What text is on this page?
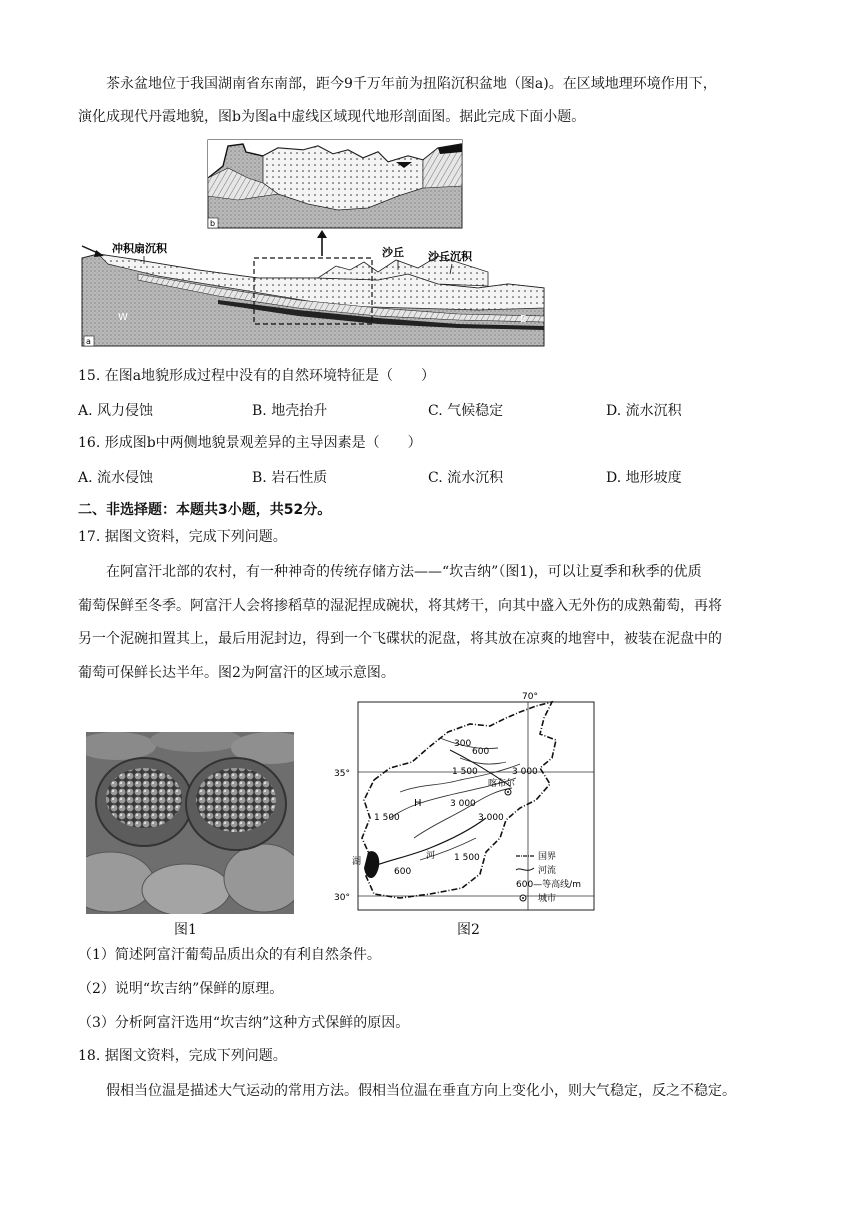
茶永盆地位于我国湖南省东南部，距今9千万年前为扭陷沉积盆地（图a)。在区域地理环境作用下，
演化成现代丹霞地貌，图b为图a中虚线区域现代地形剖面图。据此完成下面小题。
b
冲积扇沉积	沙丘 沙丘沉积
W	E
a
15. 在图a地貌形成过程中没有的自然环境特征是（　　）
A. 风力侵蚀	B. 地壳抬升	C. 气候稳定	D. 流水沉积
16. 形成图b中两侧地貌景观差异的主导因素是（　　）
A. 流水侵蚀	B. 岩石性质	C. 流水沉积	D. 地形坡度
二、非选择题：本题共3小题，共52分。
17. 据图文资料，完成下列问题。
在阿富汗北部的农村，有一种神奇的传统存储方法——“坎吉纳”（图1)，可以让夏季和秋季的优质
葡萄保鲜至冬季。阿富汗人会将掺稻草的湿泥捏成碗状，将其烤干，向其中盛入无外伤的成熟葡萄，再将
另一个泥碗扣置其上，最后用泥封边，得到一个飞碟状的泥盘，将其放在凉爽的地窖中，被装在泥盘中的
葡萄可保鲜长达半年。图2为阿富汗的区域示意图。
70°
35°
30°
300
600
1 500	3 000
喀布尔
1 500
3 000
3 000
1 500
600
H
河
湖	国界
河流
600—等高线/m
城市
图1	图2
（1）简述阿富汗葡萄品质出众的有利自然条件。
（2）说明“坎吉纳”保鲜的原理。
（3）分析阿富汗选用“坎吉纳”这种方式保鲜的原因。
18. 据图文资料，完成下列问题。
假相当位温是描述大气运动的常用方法。假相当位温在垂直方向上变化小，则大气稳定，反之不稳定。
